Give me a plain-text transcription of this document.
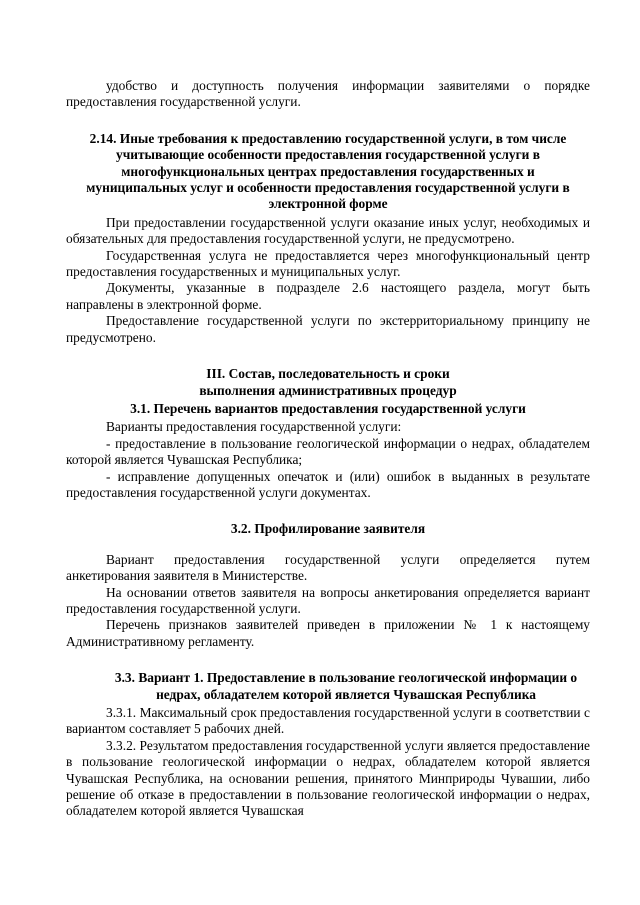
удобство и доступность получения информации заявителями о порядке предоставления государственной услуги.

2.14. Иные требования к предоставлению государственной услуги, в том числе учитывающие особенности предоставления государственной услуги в многофункциональных центрах предоставления государственных и муниципальных услуг и особенности предоставления государственной услуги в электронной форме

При предоставлении государственной услуги оказание иных услуг, необходимых и обязательных для предоставления государственной услуги, не предусмотрено.

Государственная услуга не предоставляется через многофункциональный центр предоставления государственных и муниципальных услуг.

Документы, указанные в подразделе 2.6 настоящего раздела, могут быть направлены в электронной форме.

Предоставление государственной услуги по экстерриториальному принципу не предусмотрено.

III. Состав, последовательность и сроки выполнения административных процедур

3.1. Перечень вариантов предоставления государственной услуги

Варианты предоставления государственной услуги:

- предоставление в пользование геологической информации о недрах, обладателем которой является Чувашская Республика;

- исправление допущенных опечаток и (или) ошибок в выданных в результате предоставления государственной услуги документах.

3.2. Профилирование заявителя

Вариант предоставления государственной услуги определяется путем анкетирования заявителя в Министерстве.

На основании ответов заявителя на вопросы анкетирования определяется вариант предоставления государственной услуги.

Перечень признаков заявителей приведен в приложении № 1 к настоящему Административному регламенту.

3.3. Вариант 1. Предоставление в пользование геологической информации о недрах, обладателем которой является Чувашская Республика

3.3.1. Максимальный срок предоставления государственной услуги в соответствии с вариантом составляет 5 рабочих дней.

3.3.2. Результатом предоставления государственной услуги является предоставление в пользование геологической информации о недрах, обладателем которой является Чувашская Республика, на основании решения, принятого Минприроды Чувашии, либо решение об отказе в предоставлении в пользование геологической информации о недрах, обладателем которой является Чувашская
